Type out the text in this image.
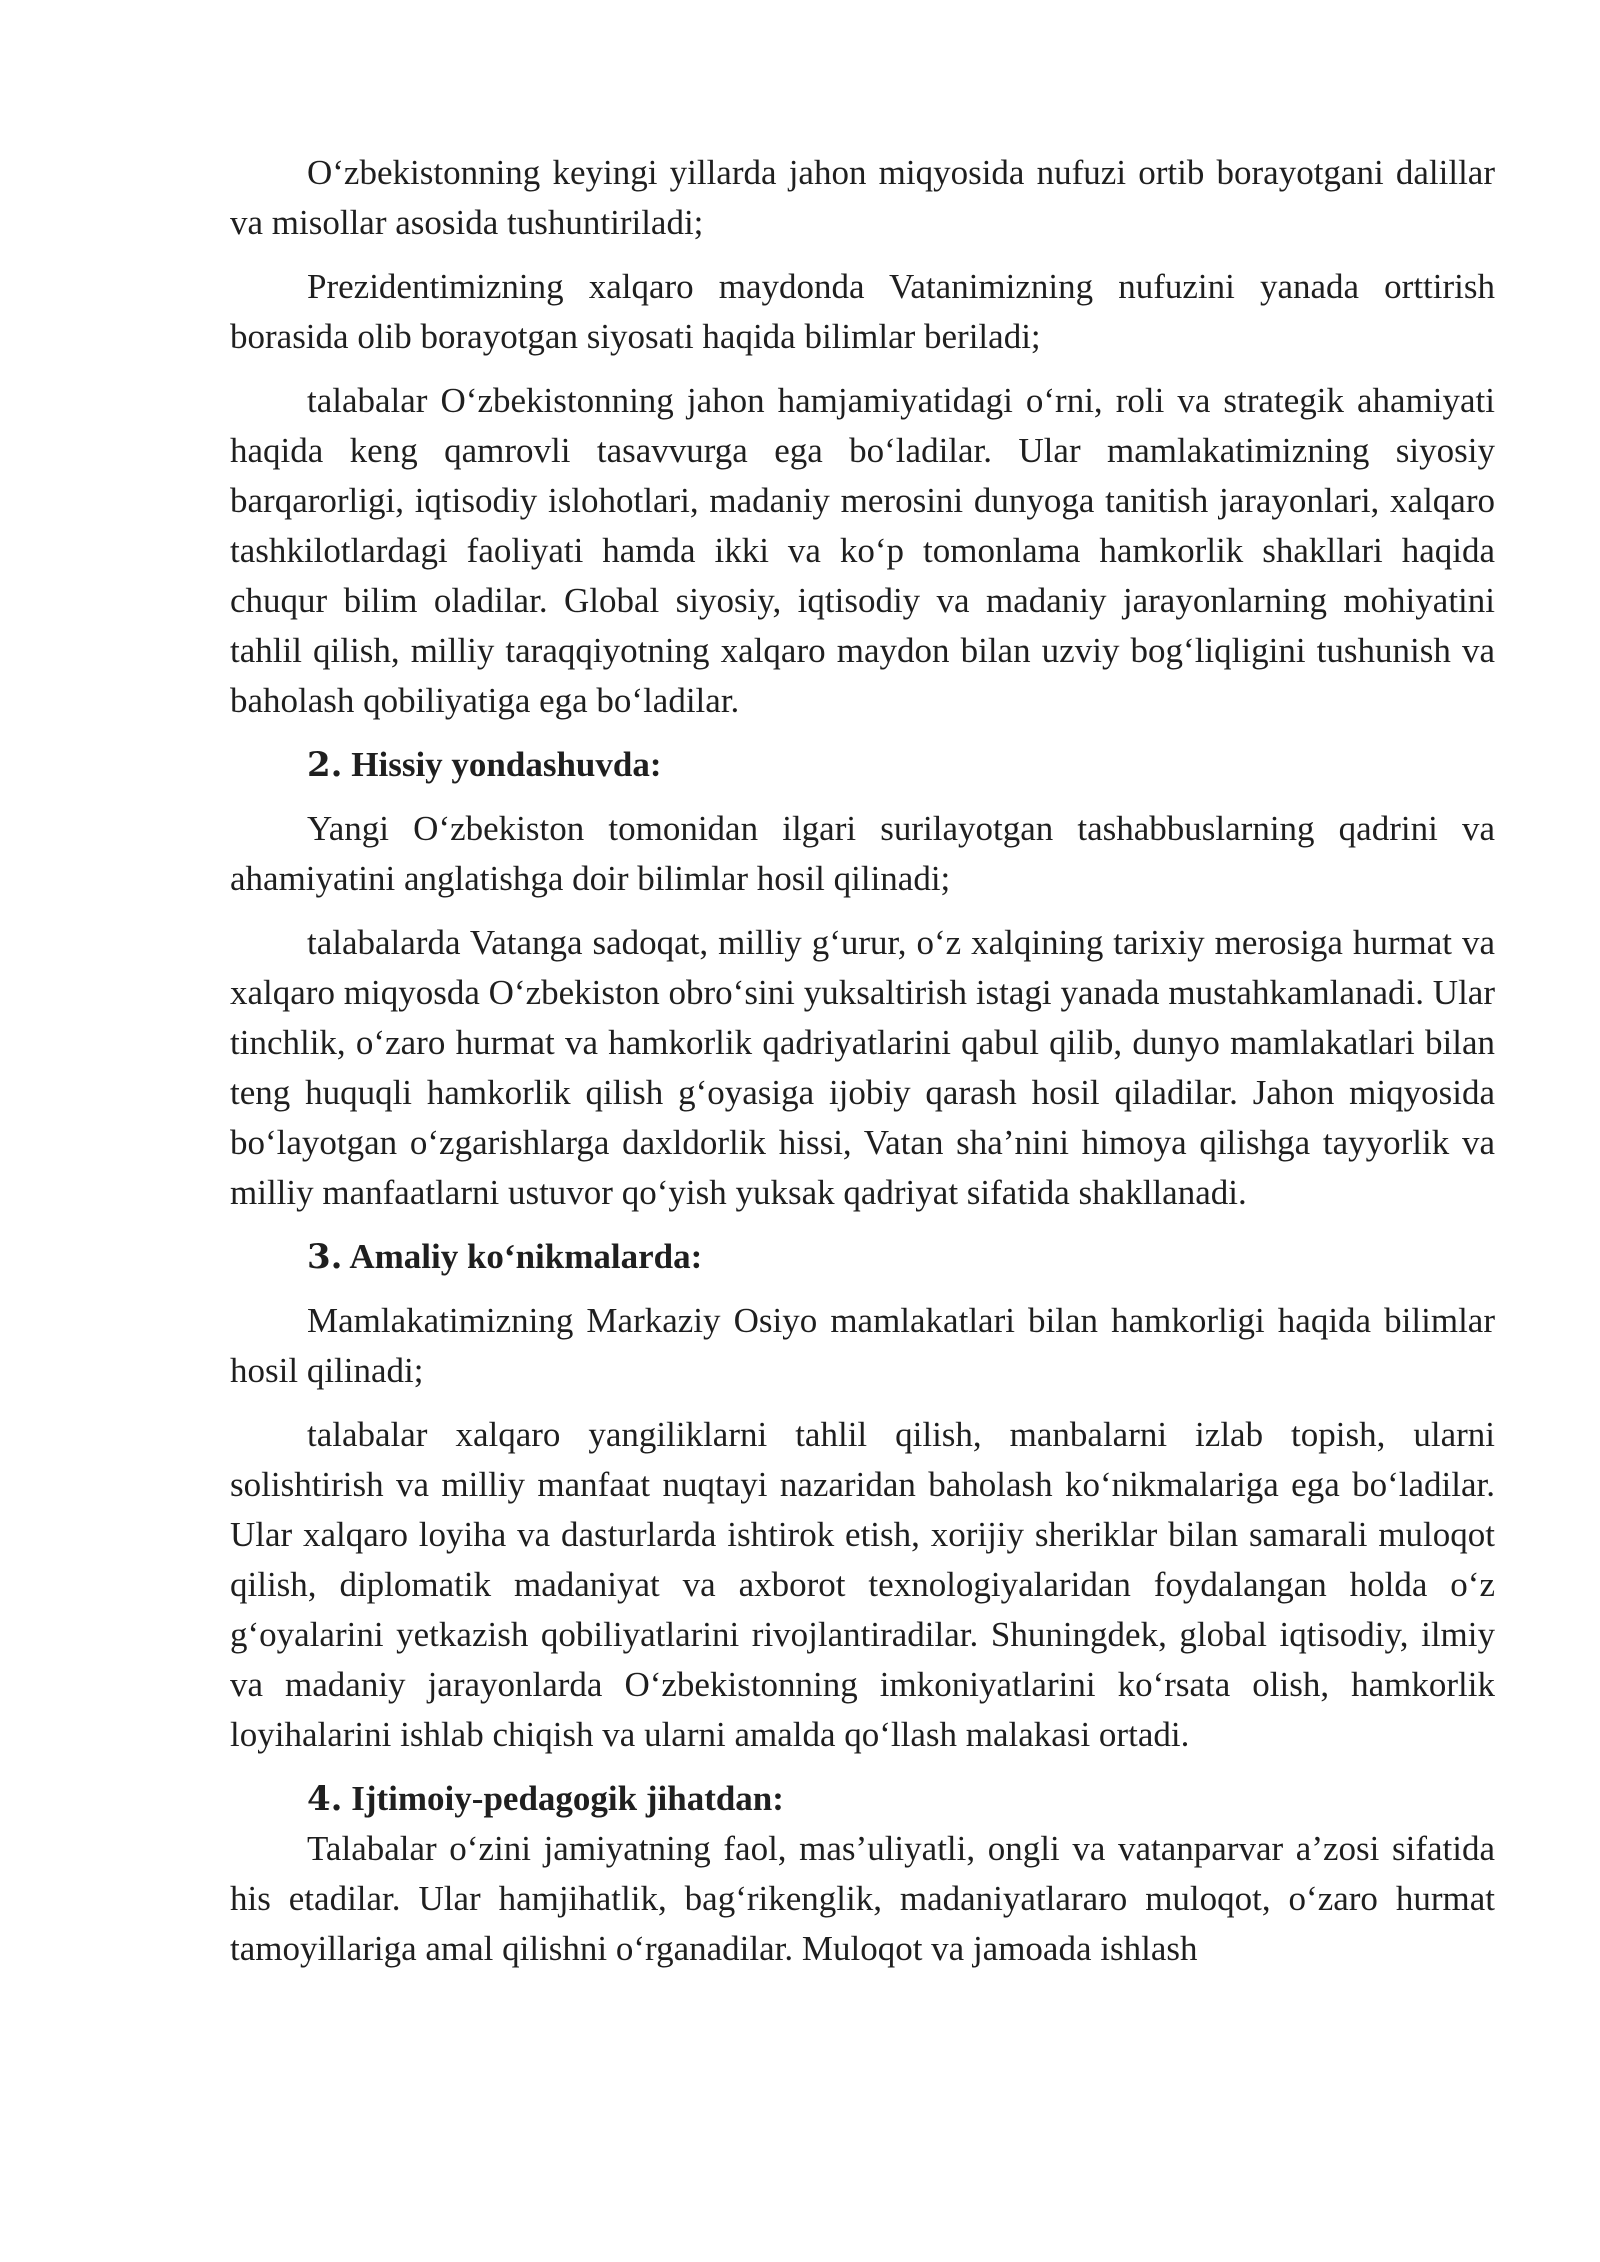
O‘zbekistonning keyingi yillarda jahon miqyosida nufuzi ortib borayotgani dalillar va misollar asosida tushuntiriladi;

Prezidentimizning xalqaro maydonda Vatanimizning nufuzini yanada orttirish borasida olib borayotgan siyosati haqida bilimlar beriladi;

talabalar O‘zbekistonning jahon hamjamiyatidagi o‘rni, roli va strategik ahamiyati haqida keng qamrovli tasavvurga ega bo‘ladilar. Ular mamlakatimizning siyosiy barqarorligi, iqtisodiy islohotlari, madaniy merosini dunyoga tanitish jarayonlari, xalqaro tashkilotlardagi faoliyati hamda ikki va ko‘p tomonlama hamkorlik shakllari haqida chuqur bilim oladilar. Global siyosiy, iqtisodiy va madaniy jarayonlarning mohiyatini tahlil qilish, milliy taraqqiyotning xalqaro maydon bilan uzviy bog‘liqligini tushunish va baholash qobiliyatiga ega bo‘ladilar.

2. Hissiy yondashuvda:

Yangi O‘zbekiston tomonidan ilgari surilayotgan tashabbuslarning qadrini va ahamiyatini anglatishga doir bilimlar hosil qilinadi;

talabalarda Vatanga sadoqat, milliy g‘urur, o‘z xalqining tarixiy merosiga hurmat va xalqaro miqyosda O‘zbekiston obro‘sini yuksaltirish istagi yanada mustahkamlanadi. Ular tinchlik, o‘zaro hurmat va hamkorlik qadriyatlarini qabul qilib, dunyo mamlakatlari bilan teng huquqli hamkorlik qilish g‘oyasiga ijobiy qarash hosil qiladilar. Jahon miqyosida bo‘layotgan o‘zgarishlarga daxldorlik hissi, Vatan sha’nini himoya qilishga tayyorlik va milliy manfaatlarni ustuvor qo‘yish yuksak qadriyat sifatida shakllanadi.

3. Amaliy ko‘nikmalarda:

Mamlakatimizning Markaziy Osiyo mamlakatlari bilan hamkorligi haqida bilimlar hosil qilinadi;

talabalar xalqaro yangiliklarni tahlil qilish, manbalarni izlab topish, ularni solishtirish va milliy manfaat nuqtayi nazaridan baholash ko‘nikmalariga ega bo‘ladilar. Ular xalqaro loyiha va dasturlarda ishtirok etish, xorijiy sheriklar bilan samarali muloqot qilish, diplomatik madaniyat va axborot texnologiyalaridan foydalangan holda o‘z g‘oyalarini yetkazish qobiliyatlarini rivojlantiradilar. Shuningdek, global iqtisodiy, ilmiy va madaniy jarayonlarda O‘zbekistonning imkoniyatlarini ko‘rsata olish, hamkorlik loyihalarini ishlab chiqish va ularni amalda qo‘llash malakasi ortadi.

4. Ijtimoiy-pedagogik jihatdan:

Talabalar o‘zini jamiyatning faol, mas’uliyatli, ongli va vatanparvar a’zosi sifatida his etadilar. Ular hamjihatlik, bag‘rikenglik, madaniyatlararo muloqot, o‘zaro hurmat tamoyillariga amal qilishni o‘rganadilar. Muloqot va jamoada ishlash
